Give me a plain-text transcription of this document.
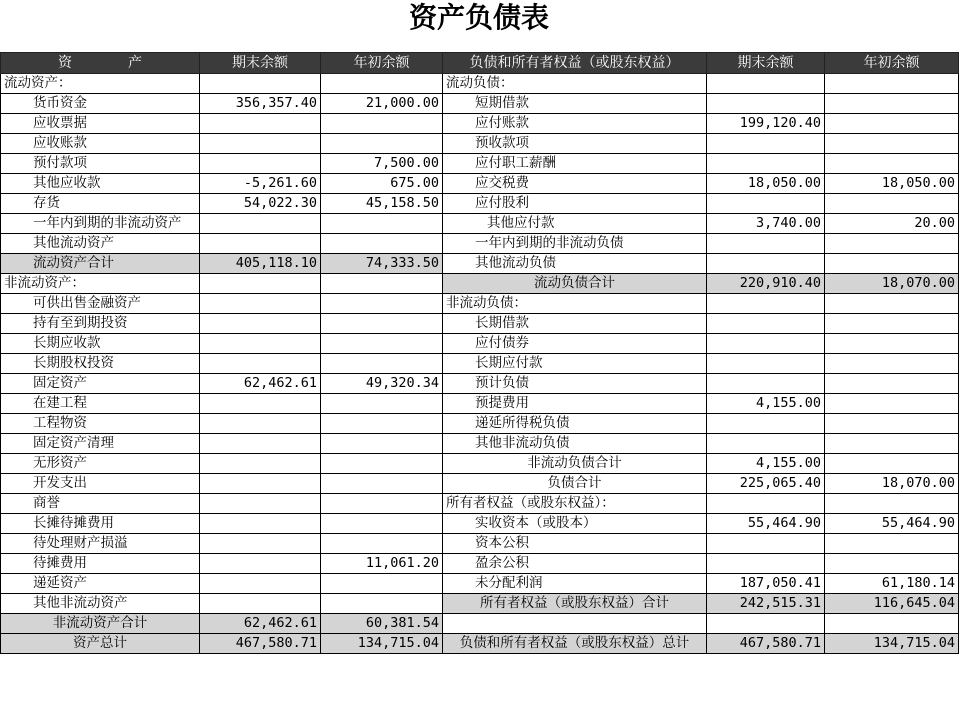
资产负债表
资　　　　产	期末余额	年初余额	负债和所有者权益（或股东权益）	期末余额	年初余额
流动资产：			流动负债：		
货币资金	356,357.40	21,000.00	短期借款		
应收票据			应付账款	199,120.40	
应收账款			预收款项		
预付款项		7,500.00	应付职工薪酬		
其他应收款	-5,261.60	675.00	应交税费	18,050.00	18,050.00
存货	54,022.30	45,158.50	应付股利		
一年内到期的非流动资产			其他应付款	3,740.00	20.00
其他流动资产			一年内到期的非流动负债		
流动资产合计	405,118.10	74,333.50	其他流动负债		
非流动资产：			流动负债合计	220,910.40	18,070.00
可供出售金融资产			非流动负债：		
持有至到期投资			长期借款		
长期应收款			应付债券		
长期股权投资			长期应付款		
固定资产	62,462.61	49,320.34	预计负债		
在建工程			预提费用	4,155.00	
工程物资			递延所得税负债		
固定资产清理			其他非流动负债		
无形资产			非流动负债合计	4,155.00	
开发支出			负债合计	225,065.40	18,070.00
商誉			所有者权益（或股东权益）：		
长摊待摊费用			实收资本（或股本）	55,464.90	55,464.90
待处理财产损溢			资本公积		
待摊费用		11,061.20	盈余公积		
递延资产			未分配利润	187,050.41	61,180.14
其他非流动资产			所有者权益（或股东权益）合计	242,515.31	116,645.04
非流动资产合计	62,462.61	60,381.54			
资产总计	467,580.71	134,715.04	负债和所有者权益（或股东权益）总计	467,580.71	134,715.04
